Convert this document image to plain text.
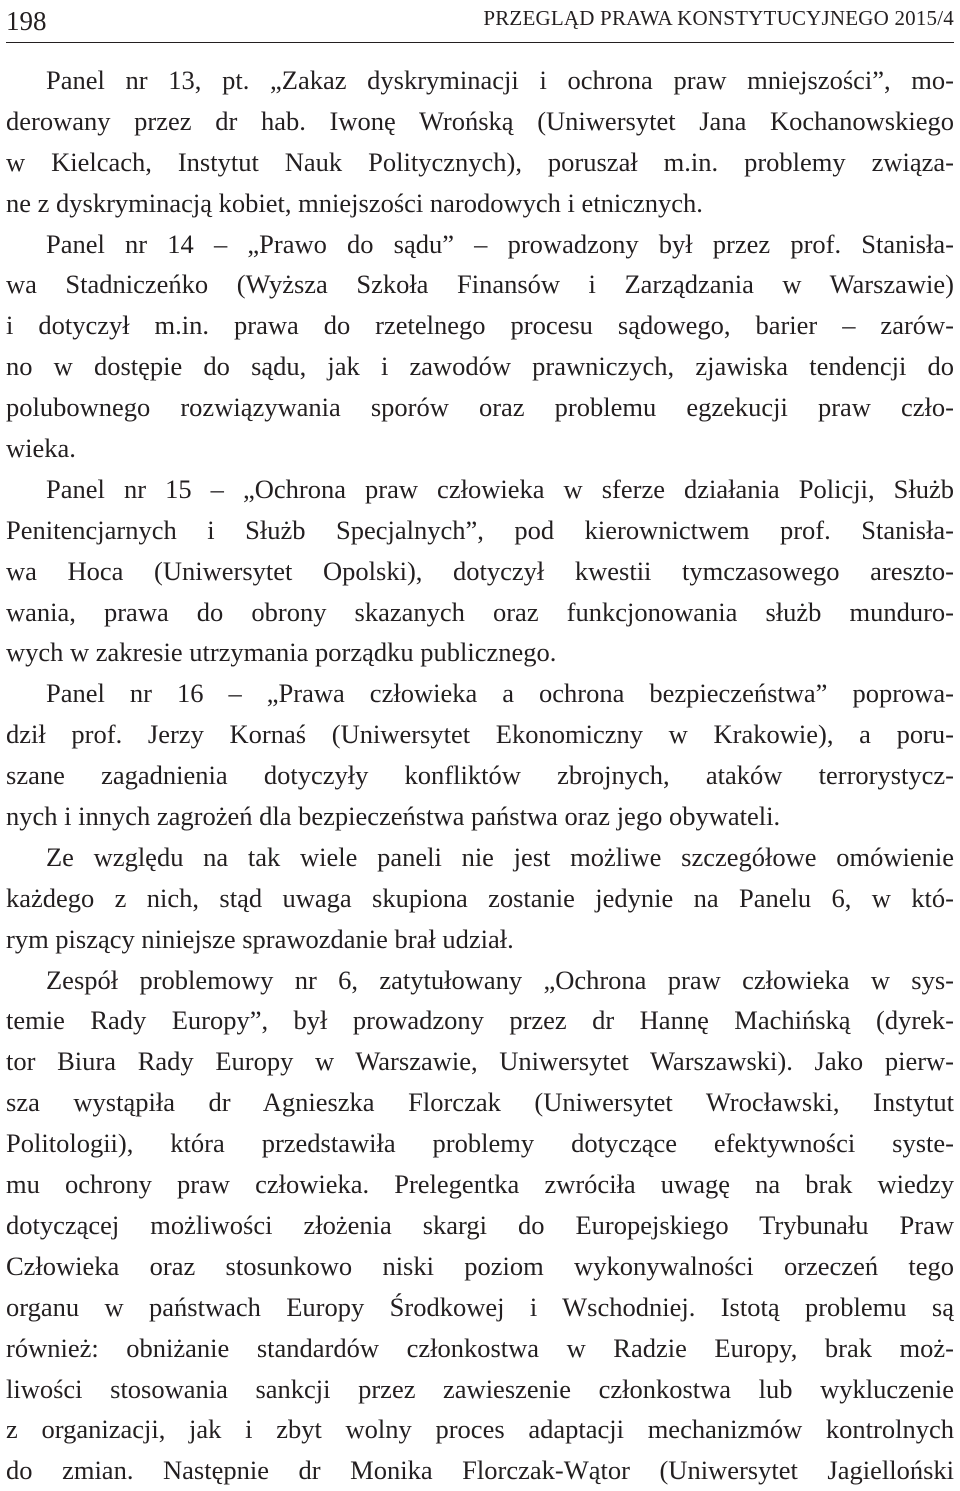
198	PRZEGLĄD PRAWA KONSTYTUCYJNEGO 2015/4
Panel nr 13, pt. „Zakaz dyskryminacji i ochrona praw mniejszości”, mo-
derowany przez dr hab. Iwonę Wrońską (Uniwersytet Jana Kochanowskiego
w Kielcach, Instytut Nauk Politycznych), poruszał m.in. problemy związa-
ne z dyskryminacją kobiet, mniejszości narodowych i etnicznych.
Panel nr 14 – „Prawo do sądu” – prowadzony był przez prof. Stanisła-
wa Stadniczeńko (Wyższa Szkoła Finansów i Zarządzania w Warszawie)
i dotyczył m.in. prawa do rzetelnego procesu sądowego, barier – zarów-
no w dostępie do sądu, jak i zawodów prawniczych, zjawiska tendencji do
polubownego rozwiązywania sporów oraz problemu egzekucji praw czło-
wieka.
Panel nr 15 – „Ochrona praw człowieka w sferze działania Policji, Służb
Penitencjarnych i Służb Specjalnych”, pod kierownictwem prof. Stanisła-
wa Hoca (Uniwersytet Opolski), dotyczył kwestii tymczasowego areszto-
wania, prawa do obrony skazanych oraz funkcjonowania służb munduro-
wych w zakresie utrzymania porządku publicznego.
Panel nr 16 – „Prawa człowieka a ochrona bezpieczeństwa” poprowa-
dził prof. Jerzy Kornaś (Uniwersytet Ekonomiczny w Krakowie), a poru-
szane zagadnienia dotyczyły konfliktów zbrojnych, ataków terrorystycz-
nych i innych zagrożeń dla bezpieczeństwa państwa oraz jego obywateli.
Ze względu na tak wiele paneli nie jest możliwe szczegółowe omówienie
każdego z nich, stąd uwaga skupiona zostanie jedynie na Panelu 6, w któ-
rym piszący niniejsze sprawozdanie brał udział.
Zespół problemowy nr 6, zatytułowany „Ochrona praw człowieka w sys-
temie Rady Europy”, był prowadzony przez dr Hannę Machińską (dyrek-
tor Biura Rady Europy w Warszawie, Uniwersytet Warszawski). Jako pierw-
sza wystąpiła dr Agnieszka Florczak (Uniwersytet Wrocławski, Instytut
Politologii), która przedstawiła problemy dotyczące efektywności syste-
mu ochrony praw człowieka. Prelegentka zwróciła uwagę na brak wiedzy
dotyczącej możliwości złożenia skargi do Europejskiego Trybunału Praw
Człowieka oraz stosunkowo niski poziom wykonywalności orzeczeń tego
organu w państwach Europy Środkowej i Wschodniej. Istotą problemu są
również: obniżanie standardów członkostwa w Radzie Europy, brak moż-
liwości stosowania sankcji przez zawieszenie członkostwa lub wykluczenie
z organizacji, jak i zbyt wolny proces adaptacji mechanizmów kontrolnych
do zmian. Następnie dr Monika Florczak-Wątor (Uniwersytet Jagielloński
